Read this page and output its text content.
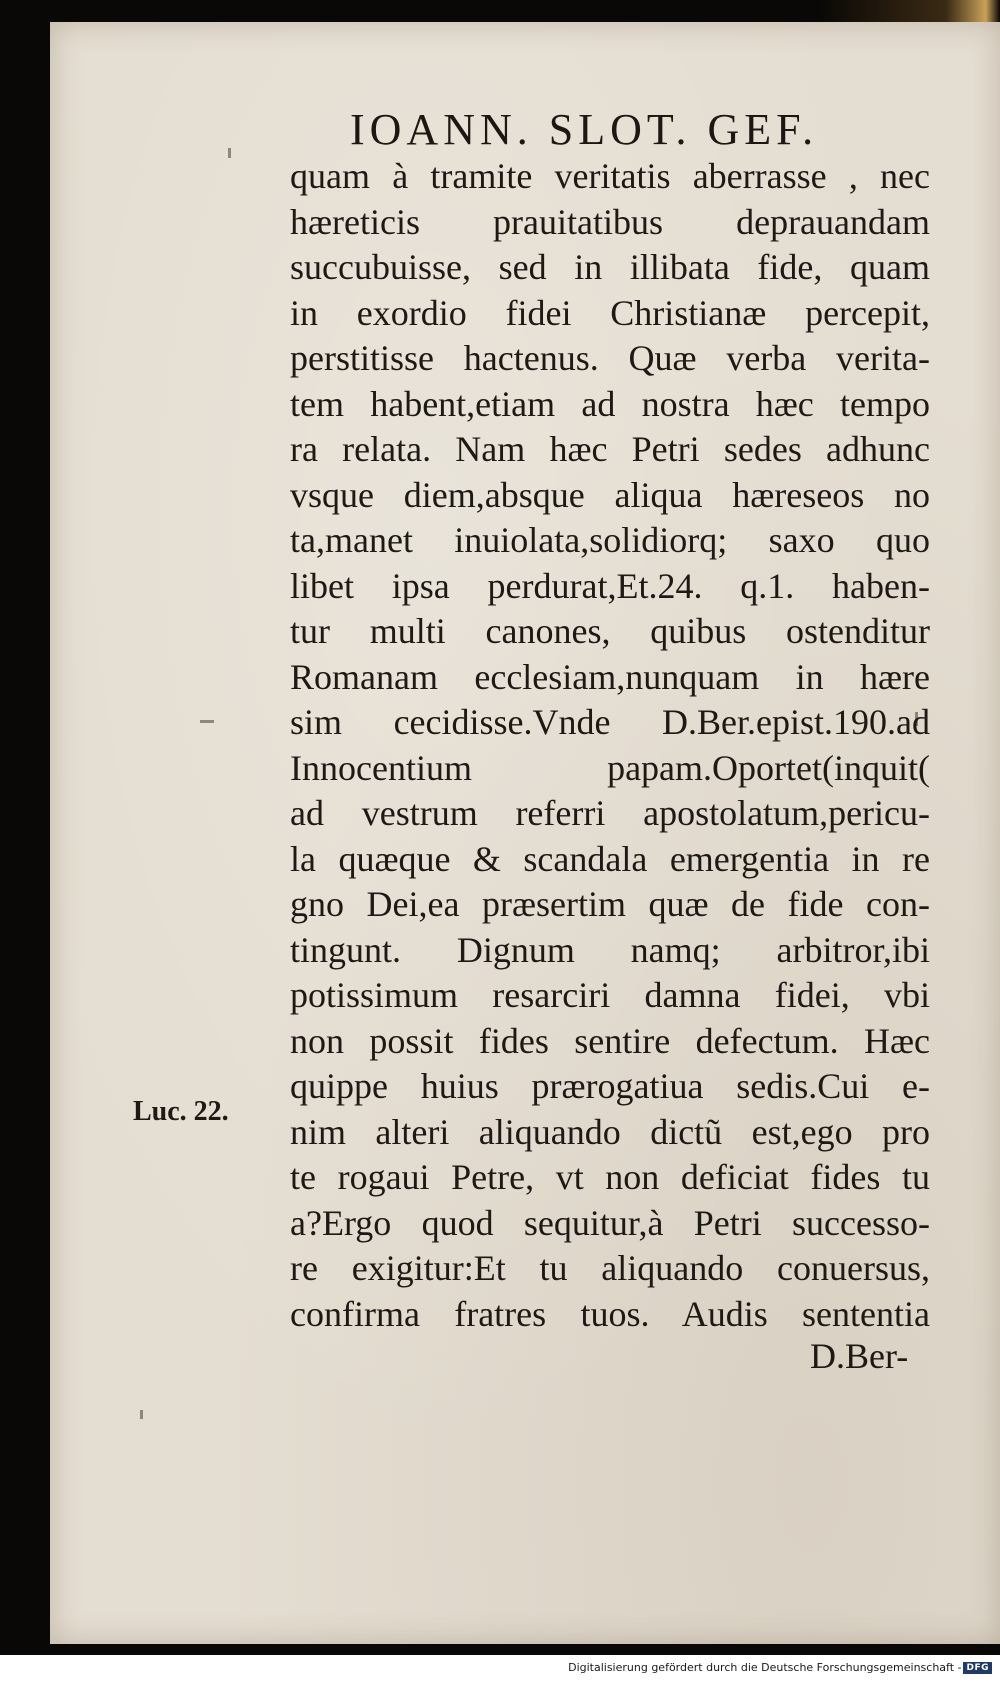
IOANN. SLOT. GEF.
quam à tramite veritatis aberrasse , nec
hæreticis prauitatibus deprauandam
succubuisse, sed in illibata fide, quam
in exordio fidei Christianæ percepit,
perstitisse hactenus. Quæ verba verita-
tem habent,etiam ad nostra hæc tempo
ra relata. Nam hæc Petri sedes adhunc
vsque diem,absque aliqua hæreseos no
ta,manet inuiolata,solidiorq; saxo quo
libet ipsa perdurat,Et.24. q.1. haben-
tur multi canones, quibus ostenditur
Romanam ecclesiam,nunquam in hære
sim cecidisse.Vnde D.Ber.epist.190.ad
Innocentium papam.Oportet(inquit(
ad vestrum referri apostolatum,pericu-
la quæque & scandala emergentia in re
gno Dei,ea præsertim quæ de fide con-
tingunt. Dignum namq; arbitror,ibi
potissimum resarciri damna fidei, vbi
non possit fides sentire defectum. Hæc
quippe huius prærogatiua sedis.Cui e-
nim alteri aliquando dictũ est,ego pro
te rogaui Petre, vt non deficiat fides tu
a?Ergo quod sequitur,à Petri successo-
re exigitur:Et tu aliquando conuersus,
confirma fratres tuos. Audis sententia
D.Ber-
Luc. 22.
Digitalisierung gefördert durch die Deutsche Forschungsgemeinschaft - DFG
